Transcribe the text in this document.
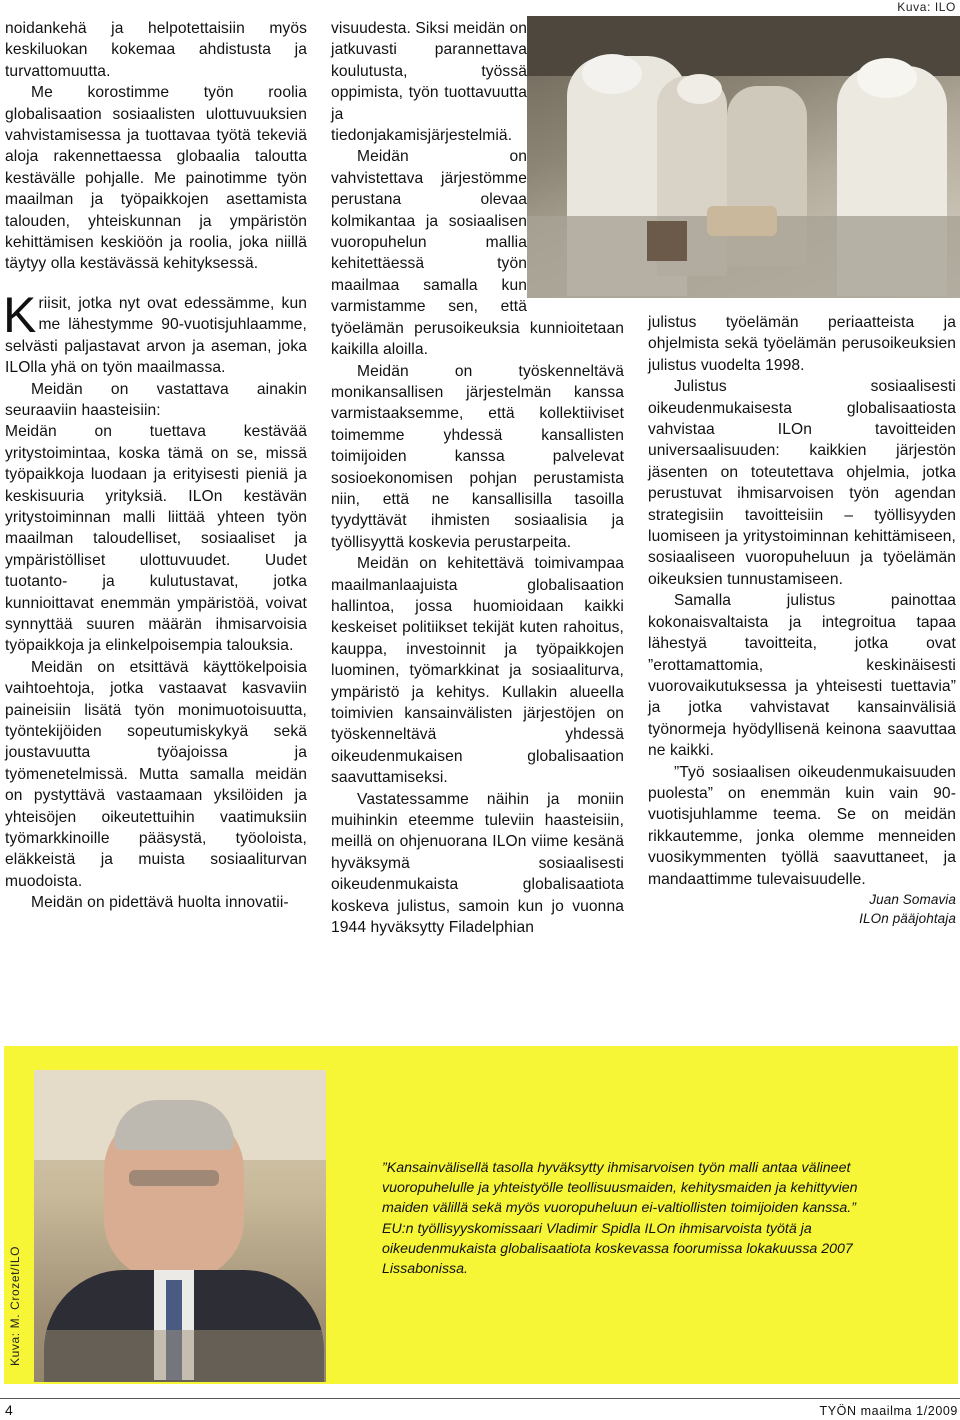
Kuva: ILO

noidankehä ja helpotettaisiin myös keskiluokan kokemaa ahdistusta ja turvattomuutta.

Me korostimme työn roolia globalisaation sosiaalisten ulottuvuuksien vahvistamisessa ja tuottavaa työtä tekeviä aloja rakennettaessa globaalia taloutta kestävälle pohjalle. Me painotimme työn maailman ja työpaikkojen asettamista talouden, yhteiskunnan ja ympäristön kehittämisen keskiöön ja roolia, joka niillä täytyy olla kestävässä kehityksessä.

Kriisit, jotka nyt ovat edessämme, kun me lähestymme 90-vuotisjuhlaamme, selvästi paljastavat arvon ja aseman, joka ILOlla yhä on työn maailmassa.

Meidän on vastattava ainakin seuraaviin haasteisiin:

Meidän on tuettava kestävää yritystoimintaa, koska tämä on se, missä työpaikkoja luodaan ja erityisesti pieniä ja keskisuuria yrityksiä. ILOn kestävän yritystoiminnan malli liittää yhteen työn maailman taloudelliset, sosiaaliset ja ympäristölliset ulottuvuudet. Uudet tuotanto- ja kulutustavat, jotka kunnioittavat enemmän ympäristöä, voivat synnyttää suuren määrän ihmisarvoisia työpaikkoja ja elinkelpoisempia talouksia.

Meidän on etsittävä käyttökelpoisia vaihtoehtoja, jotka vastaavat kasvaviin paineisiin lisätä työn monimuotoisuutta, työntekijöiden sopeutumiskykyä sekä joustavuutta työajoissa ja työmenetelmissä. Mutta samalla meidän on pystyttävä vastaamaan yksilöiden ja yhteisöjen oikeutettuihin vaatimuksiin työmarkkinoille pääsystä, työoloista, eläkkeistä ja muista sosiaaliturvan muodoista.

Meidän on pidettävä huolta innovatii-

visuudesta. Siksi meidän on jatkuvasti parannettava koulutusta, työssä oppimista, työn tuottavuutta ja tiedonjakamisjärjestelmiä.

Meidän on vahvistettava järjestömme perustana olevaa kolmikantaa ja sosiaalisen vuoropuhelun mallia kehitettäessä työn maailmaa samalla kun varmistamme sen, että työelämän perusoikeuksia kunnioitetaan kaikilla aloilla.

Meidän on työskenneltävä monikansallisen järjestelmän kanssa varmistaaksemme, että kollektiiviset toimemme yhdessä kansallisten toimijoiden kanssa palvelevat sosioekonomisen pohjan perustamista niin, että ne kansallisilla tasoilla tyydyttävät ihmisten sosiaalisia ja työllisyyttä koskevia perustarpeita.

Meidän on kehitettävä toimivampaa maailmanlaajuista globalisaation hallintoa, jossa huomioidaan kaikki keskeiset politiikset tekijät kuten rahoitus, kauppa, investoinnit ja työpaikkojen luominen, työmarkkinat ja sosiaaliturva, ympäristö ja kehitys. Kullakin alueella toimivien kansainvälisten järjestöjen on työskenneltävä yhdessä oikeudenmukaisen globalisaation saavuttamiseksi.

Vastatessamme näihin ja moniin muihinkin eteemme tuleviin haasteisiin, meillä on ohjenuorana ILOn viime kesänä hyväksymä sosiaalisesti oikeudenmukaista globalisaatiota koskeva julistus, samoin kun jo vuonna 1944 hyväksytty Filadelphian

julistus työelämän periaatteista ja ohjelmista sekä työelämän perusoikeuksien julistus vuodelta 1998.

Julistus sosiaalisesti oikeudenmukaisesta globalisaatiosta vahvistaa ILOn tavoitteiden universaalisuuden: kaikkien järjestön jäsenten on toteutettava ohjelmia, jotka perustuvat ihmisarvoisen työn agendan strategisiin tavoitteisiin – työllisyyden luomiseen ja yritystoiminnan kehittämiseen, sosiaaliseen vuoropuheluun ja työelämän oikeuksien tunnustamiseen.

Samalla julistus painottaa kokonaisvaltaista ja integroitua tapaa lähestyä tavoitteita, jotka ovat ”erottamattomia, keskinäisesti vuorovaikutuksessa ja yhteisesti tuettavia” ja jotka vahvistavat kansainvälisiä työnormeja hyödyllisenä keinona saavuttaa ne kaikki.

”Työ sosiaalisen oikeudenmukaisuuden puolesta” on enemmän kuin vain 90-vuotisjuhlamme teema. Se on meidän rikkautemme, jonka olemme menneiden vuosikymmenten työllä saavuttaneet, ja mandaattimme tulevaisuudelle.

Juan Somavia
ILOn pääjohtaja
Kuva: M. Crozet/ILO
”Kansainvälisellä tasolla hyväksytty ihmisarvoisen työn malli antaa välineet vuoropuhelulle ja yhteistyölle teollisuusmaiden, kehitysmaiden ja kehittyvien maiden välillä sekä myös vuoropuheluun ei-valtiollisten toimijoiden kanssa.” EU:n työllisyyskomissaari Vladimir Spidla ILOn ihmisarvoista työtä ja oikeudenmukaista globalisaatiota koskevassa foorumissa lokakuussa 2007 Lissabonissa.
4	TYÖN maailma 1/2009
